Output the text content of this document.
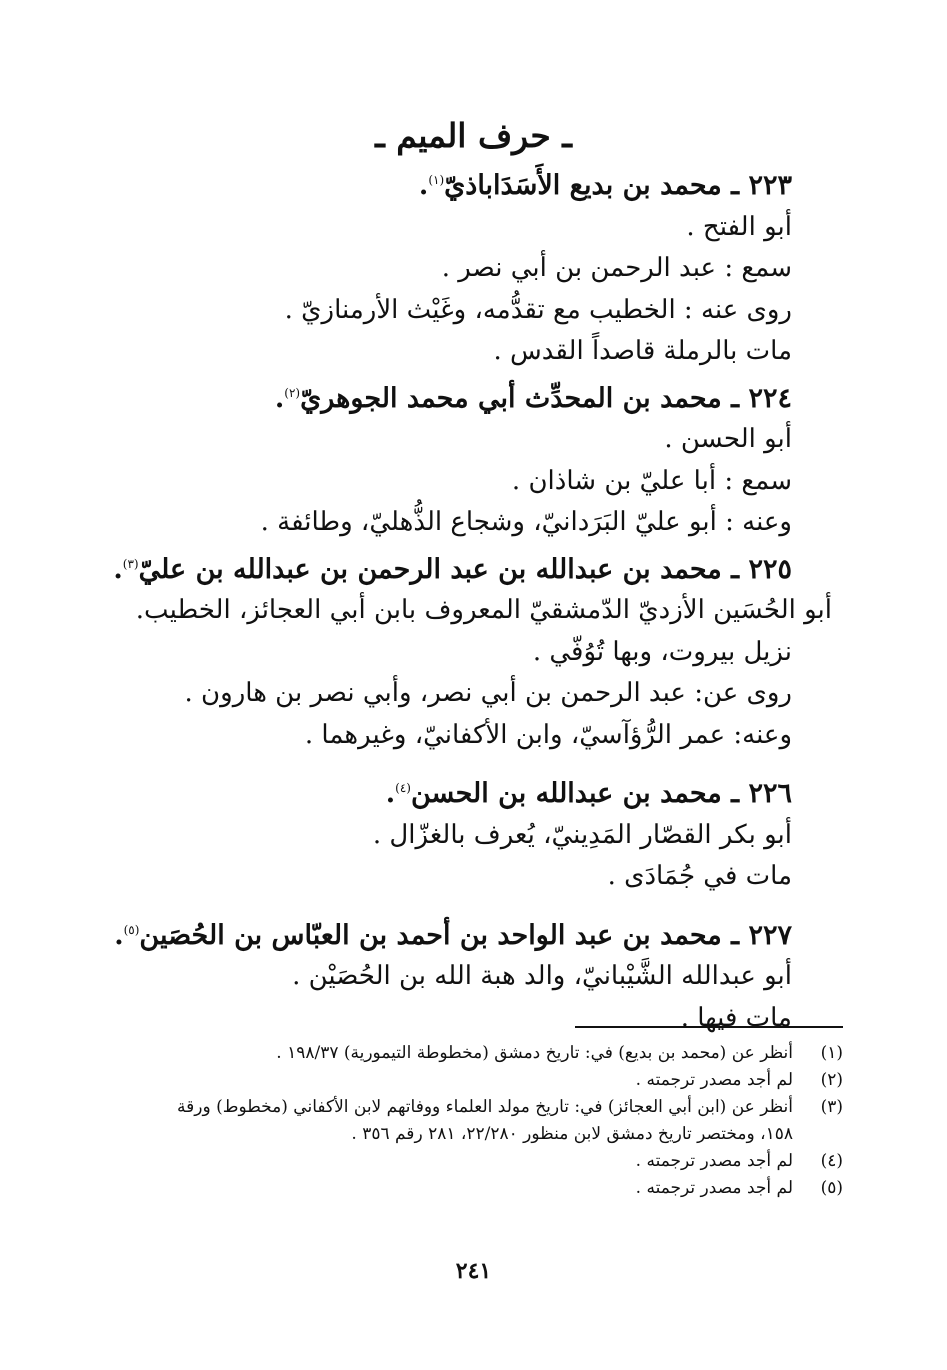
ـ حرف الميم ـ
٢٢٣ ـ محمد بن بديع الأَسَدَاباذيّ$^{(١)}$.
أبو الفتح .
سمع : عبد الرحمن بن أبي نصر .
روى عنه : الخطيب مع تقدُّمه، وغَيْث الأرمنازيّ .
مات بالرملة قاصداً القدس .
٢٢٤ ـ محمد بن المحدِّث أبي محمد الجوهريّ$^{(٢)}$.
أبو الحسن .
سمع : أبا عليّ بن شاذان .
وعنه : أبو عليّ البَرَدانيّ، وشجاع الذُّهليّ، وطائفة .
٢٢٥ ـ محمد بن عبدالله بن عبد الرحمن بن عبدالله بن عليّ$^{(٣)}$.
أبو الحُسَين الأزديّ الدّمشقيّ المعروف بابن أبي العجائز، الخطيب.
نزيل بيروت، وبها تُوُفّي .
روى عن: عبد الرحمن بن أبي نصر، وأبي نصر بن هارون .
وعنه: عمر الرُّؤآسيّ، وابن الأكفانيّ، وغيرهما .
٢٢٦ ـ محمد بن عبدالله بن الحسن$^{(٤)}$.
أبو بكر القصّار المَدِينيّ، يُعرف بالغزّال .
مات في جُمَادَى .
٢٢٧ ـ محمد بن عبد الواحد بن أحمد بن العبّاس بن الحُصَين$^{(٥)}$.
أبو عبدالله الشَّيْبانيّ، والد هبة الله بن الحُصَيْن .
مات فيها .
(١)
أنظر عن (محمد بن بديع) في: تاريخ دمشق (مخطوطة التيمورية) ١٩٨/٣٧ .
(٢)
لم أجد مصدر ترجمته .
(٣)
أنظر عن (ابن أبي العجائز) في: تاريخ مولد العلماء ووفاتهم لابن الأكفاني (مخطوط) ورقة
١٥٨، ومختصر تاريخ دمشق لابن منظور ٢٢/٢٨٠، ٢٨١ رقم ٣٥٦ .
(٤)
لم أجد مصدر ترجمته .
(٥)
لم أجد مصدر ترجمته .
٢٤١
